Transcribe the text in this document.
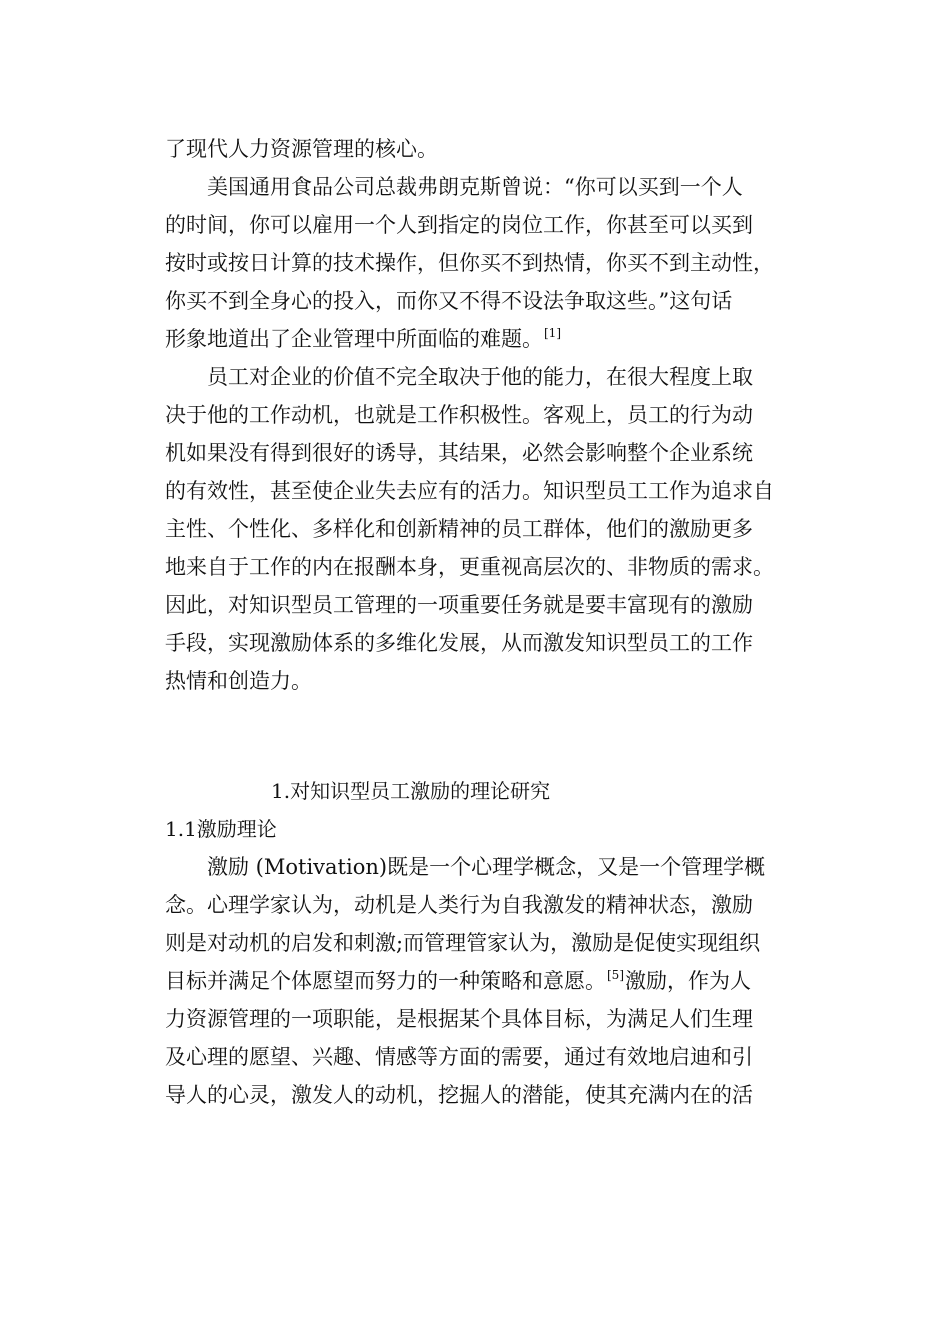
了现代人力资源管理的核心。
美国通用食品公司总裁弗朗克斯曾说：“你可以买到一个人
的时间，你可以雇用一个人到指定的岗位工作，你甚至可以买到
按时或按日计算的技术操作，但你买不到热情，你买不到主动性，
你买不到全身心的投入，而你又不得不设法争取这些。”这句话
形象地道出了企业管理中所面临的难题。[1]
员工对企业的价值不完全取决于他的能力，在很大程度上取
决于他的工作动机，也就是工作积极性。客观上，员工的行为动
机如果没有得到很好的诱导，其结果，必然会影响整个企业系统
的有效性，甚至使企业失去应有的活力。知识型员工工作为追求自
主性、个性化、多样化和创新精神的员工群体，他们的激励更多
地来自于工作的内在报酬本身，更重视高层次的、非物质的需求。
因此，对知识型员工管理的一项重要任务就是要丰富现有的激励
手段，实现激励体系的多维化发展，从而激发知识型员工的工作
热情和创造力。
1.对知识型员工激励的理论研究
1.1激励理论
激励 (Motivation)既是一个心理学概念，又是一个管理学概
念。心理学家认为，动机是人类行为自我激发的精神状态，激励
则是对动机的启发和刺激;而管理管家认为，激励是促使实现组织
目标并满足个体愿望而努力的一种策略和意愿。[5]激励，作为人
力资源管理的一项职能，是根据某个具体目标，为满足人们生理
及心理的愿望、兴趣、情感等方面的需要，通过有效地启迪和引
导人的心灵，激发人的动机，挖掘人的潜能，使其充满内在的活
